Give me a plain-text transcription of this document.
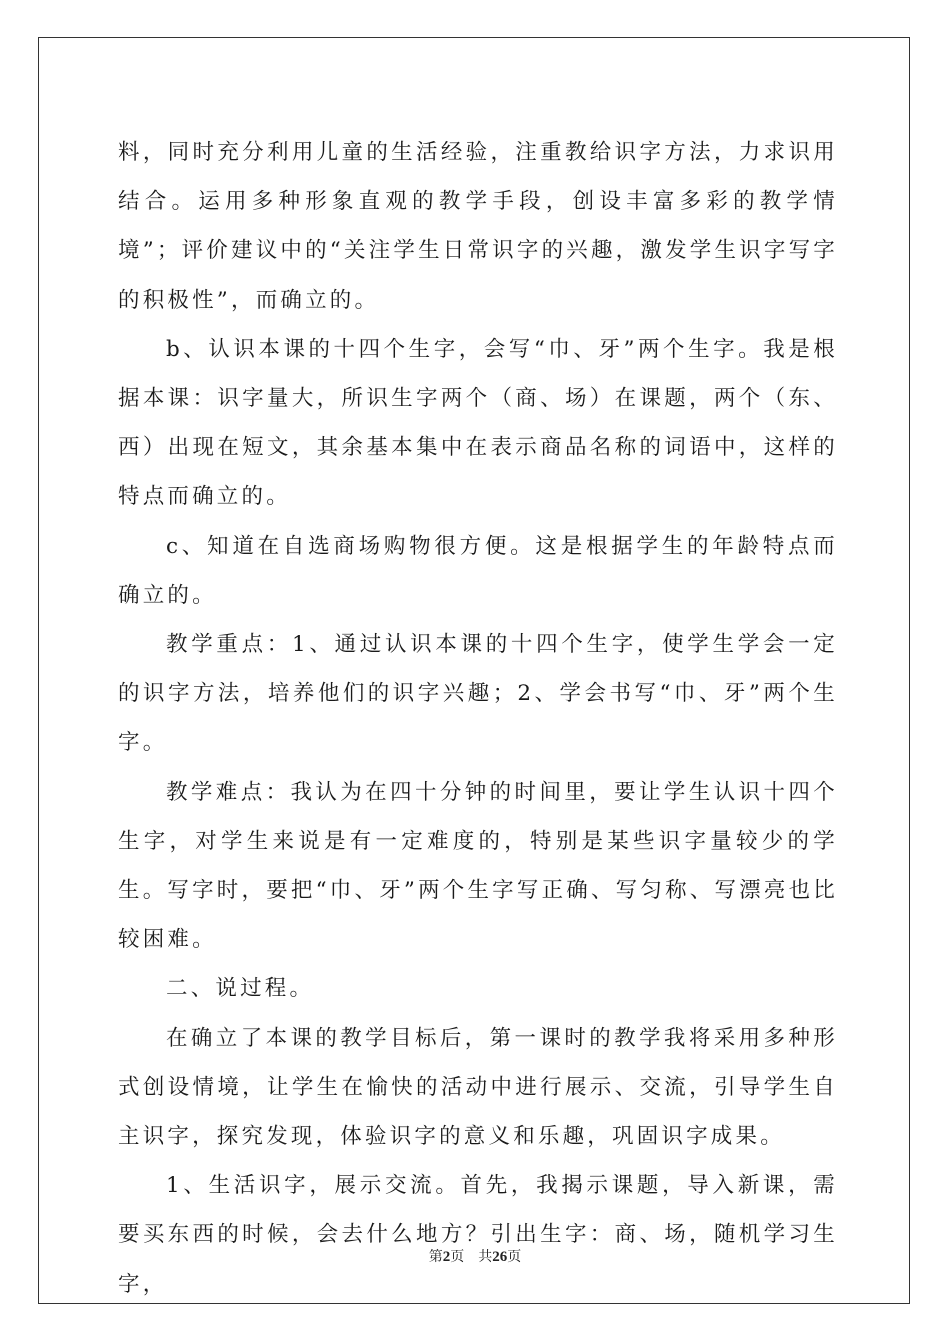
料，同时充分利用儿童的生活经验，注重教给识字方法，力求识用结合。运用多种形象直观的教学手段，创设丰富多彩的教学情境”；评价建议中的“关注学生日常识字的兴趣，激发学生识字写字的积极性”，而确立的。

b、认识本课的十四个生字，会写“巾、牙”两个生字。我是根据本课：识字量大，所识生字两个（商、场）在课题，两个（东、西）出现在短文，其余基本集中在表示商品名称的词语中，这样的特点而确立的。

c、知道在自选商场购物很方便。这是根据学生的年龄特点而确立的。

教学重点：1、通过认识本课的十四个生字，使学生学会一定的识字方法，培养他们的识字兴趣；2、学会书写“巾、牙”两个生字。

教学难点：我认为在四十分钟的时间里，要让学生认识十四个生字，对学生来说是有一定难度的，特别是某些识字量较少的学生。写字时，要把“巾、牙”两个生字写正确、写匀称、写漂亮也比较困难。

二、说过程。

在确立了本课的教学目标后，第一课时的教学我将采用多种形式创设情境，让学生在愉快的活动中进行展示、交流，引导学生自主识字，探究发现，体验识字的意义和乐趣，巩固识字成果。

1、生活识字，展示交流。首先，我揭示课题，导入新课，需要买东西的时候，会去什么地方？引出生字：商、场，随机学习生字，

第2页 共26页
